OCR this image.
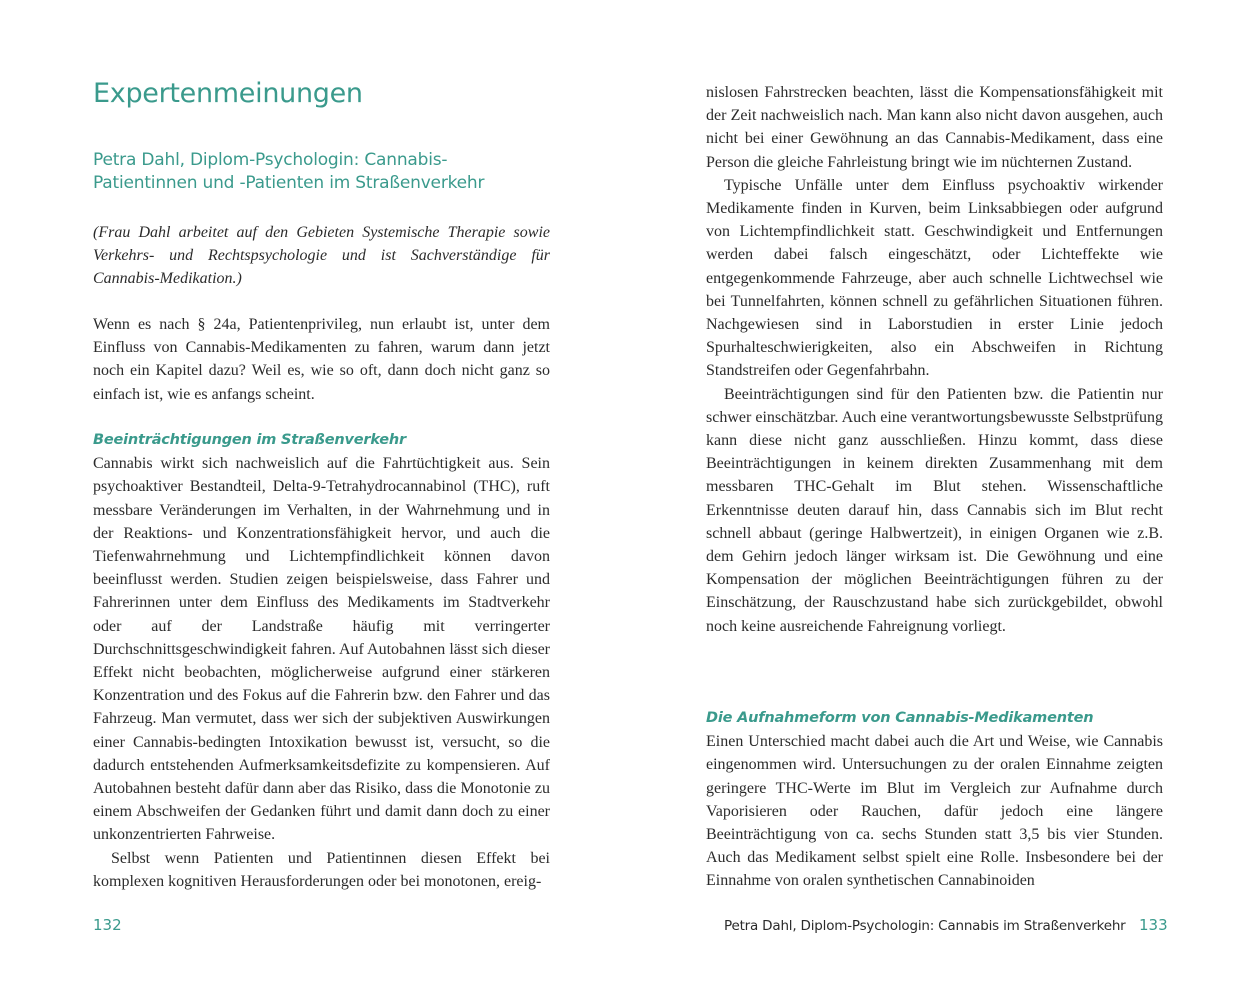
Expertenmeinungen
Petra Dahl, Diplom-Psychologin: Cannabis-Patientinnen und -Patienten im Straßenverkehr

(Frau Dahl arbeitet auf den Gebieten Systemische Therapie sowie Verkehrs- und Rechtspsychologie und ist Sachverständige für Cannabis-Medikation.)

Wenn es nach § 24a, Patientenprivileg, nun erlaubt ist, unter dem Einfluss von Cannabis-Medikamenten zu fahren, warum dann jetzt noch ein Kapitel dazu? Weil es, wie so oft, dann doch nicht ganz so einfach ist, wie es anfangs scheint.

Beeinträchtigungen im Straßenverkehr

Cannabis wirkt sich nachweislich auf die Fahrtüchtigkeit aus. Sein psychoaktiver Bestandteil, Delta-9-Tetrahydrocannabinol (THC), ruft messbare Veränderungen im Verhalten, in der Wahrnehmung und in der Reaktions- und Konzentrationsfähigkeit hervor, und auch die Tiefenwahrnehmung und Lichtempfindlichkeit können davon beeinflusst werden. Studien zeigen beispielsweise, dass Fahrer und Fahrerinnen unter dem Einfluss des Medikaments im Stadtverkehr oder auf der Landstraße häufig mit verringerter Durchschnittsgeschwindigkeit fahren. Auf Autobahnen lässt sich dieser Effekt nicht beobachten, möglicherweise aufgrund einer stärkeren Konzentration und des Fokus auf die Fahrerin bzw. den Fahrer und das Fahrzeug. Man vermutet, dass wer sich der subjektiven Auswirkungen einer Cannabis-bedingten Intoxikation bewusst ist, versucht, so die dadurch entstehenden Aufmerksamkeitsdefizite zu kompensieren. Auf Autobahnen besteht dafür dann aber das Risiko, dass die Monotonie zu einem Abschweifen der Gedanken führt und damit dann doch zu einer unkonzentrierten Fahrweise.

Selbst wenn Patienten und Patientinnen diesen Effekt bei komplexen kognitiven Herausforderungen oder bei monotonen, ereig-

132

nislosen Fahrstrecken beachten, lässt die Kompensationsfähigkeit mit der Zeit nachweislich nach. Man kann also nicht davon ausgehen, auch nicht bei einer Gewöhnung an das Cannabis-Medikament, dass eine Person die gleiche Fahrleistung bringt wie im nüchternen Zustand.

Typische Unfälle unter dem Einfluss psychoaktiv wirkender Medikamente finden in Kurven, beim Linksabbiegen oder aufgrund von Lichtempfindlichkeit statt. Geschwindigkeit und Entfernungen werden dabei falsch eingeschätzt, oder Lichteffekte wie entgegenkommende Fahrzeuge, aber auch schnelle Lichtwechsel wie bei Tunnelfahrten, können schnell zu gefährlichen Situationen führen. Nachgewiesen sind in Laborstudien in erster Linie jedoch Spurhalteschwierigkeiten, also ein Abschweifen in Richtung Standstreifen oder Gegenfahrbahn.

Beeinträchtigungen sind für den Patienten bzw. die Patientin nur schwer einschätzbar. Auch eine verantwortungsbewusste Selbstprüfung kann diese nicht ganz ausschließen. Hinzu kommt, dass diese Beeinträchtigungen in keinem direkten Zusammenhang mit dem messbaren THC-Gehalt im Blut stehen. Wissenschaftliche Erkenntnisse deuten darauf hin, dass Cannabis sich im Blut recht schnell abbaut (geringe Halbwertzeit), in einigen Organen wie z.B. dem Gehirn jedoch länger wirksam ist. Die Gewöhnung und eine Kompensation der möglichen Beeinträchtigungen führen zu der Einschätzung, der Rauschzustand habe sich zurückgebildet, obwohl noch keine ausreichende Fahreignung vorliegt.

Die Aufnahmeform von Cannabis-Medikamenten

Einen Unterschied macht dabei auch die Art und Weise, wie Cannabis eingenommen wird. Untersuchungen zu der oralen Einnahme zeigten geringere THC-Werte im Blut im Vergleich zur Aufnahme durch Vaporisieren oder Rauchen, dafür jedoch eine längere Beeinträchtigung von ca. sechs Stunden statt 3,5 bis vier Stunden. Auch das Medikament selbst spielt eine Rolle. Insbesondere bei der Einnahme von oralen synthetischen Cannabinoiden

Petra Dahl, Diplom-Psychologin: Cannabis im Straßenverkehr 133
